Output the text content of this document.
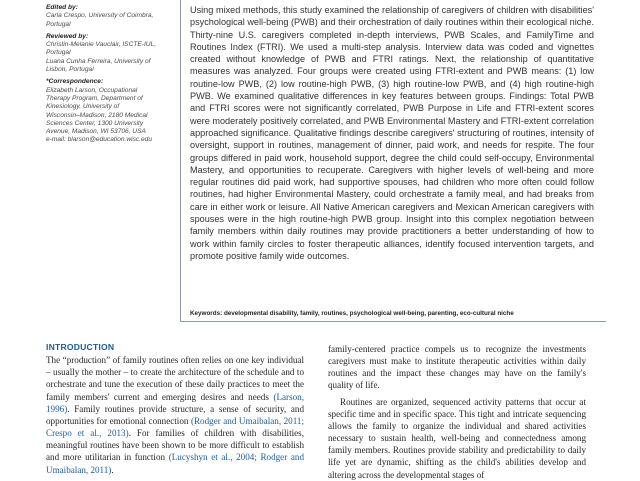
Edited by:
Carla Crespo, University of Coimbra,
Portugal
Reviewed by:
Christin-Melanie Vauclair, ISCTE-IUL,
Portugal
Luana Cunha Ferreira, University of
Lisbon, Portugal
*Correspondence:
Elizabeth Larson, Occupational
Therapy Program, Department of
Kinesiology, University of
Wisconsin–Madison, 2180 Medical
Sciences Center, 1300 University
Avenue, Madison, WI 53706, USA
e-mail: blarson@education.wisc.edu

Using mixed methods, this study examined the relationship of caregivers of children with disabilities' psychological well-being (PWB) and their orchestration of daily routines within their ecological niche. Thirty-nine U.S. caregivers completed in-depth interviews, PWB Scales, and FamilyTime and Routines Index (FTRI). We used a multi-step analysis. Interview data was coded and vignettes created without knowledge of PWB and FTRI ratings. Next, the relationship of quantitative measures was analyzed. Four groups were created using FTRI-extent and PWB means: (1) low routine-low PWB, (2) low routine-high PWB, (3) high routine-low PWB, and (4) high routine-high PWB. We examined qualitative differences in key features between groups. Findings: Total PWB and FTRI scores were not significantly correlated, PWB Purpose in Life and FTRI-extent scores were moderately positively correlated, and PWB Environmental Mastery and FTRI-extent correlation approached significance. Qualitative findings describe caregivers' structuring of routines, intensity of oversight, support in routines, management of dinner, paid work, and needs for respite. The four groups differed in paid work, household support, degree the child could self-occupy, Environmental Mastery, and opportunities to recuperate. Caregivers with higher levels of well-being and more regular routines did paid work, had supportive spouses, had children who more often could follow routines, had higher Environmental Mastery, could orchestrate a family meal, and had breaks from care in either work or leisure. All Native American caregivers and Mexican American caregivers with spouses were in the high routine-high PWB group. Insight into this complex negotiation between family members within daily routines may provide practitioners a better understanding of how to work within family circles to foster therapeutic alliances, identify focused intervention targets, and promote positive family wide outcomes.

Keywords: developmental disability, family, routines, psychological well-being, parenting, eco-cultural niche
INTRODUCTION

The “production” of family routines often relies on one key individual – usually the mother – to create the architecture of the schedule and to orchestrate and tune the execution of these daily practices to meet the family members' current and emerging desires and needs (Larson, 1996). Family routines provide structure, a sense of security, and opportunities for emotional connection (Rodger and Umaibalan, 2011; Crespo et al., 2013). For families of children with disabilities, meaningful routines have been shown to be more difficult to establish and more utilitarian in function (Lucyshyn et al., 2004; Rodger and Umaibalan, 2011).

family-centered practice compels us to recognize the investments caregivers must make to institute therapeutic activities within daily routines and the impact these changes may have on the family's quality of life.

Routines are organized, sequenced activity patterns that occur at specific time and in specific space. This tight and intricate sequencing allows the family to organize the individual and shared activities necessary to sustain health, well-being and connectedness among family members. Routines provide stability and predictability to daily life yet are dynamic, shifting as the child's abilities develop and altering across the developmental stages of
